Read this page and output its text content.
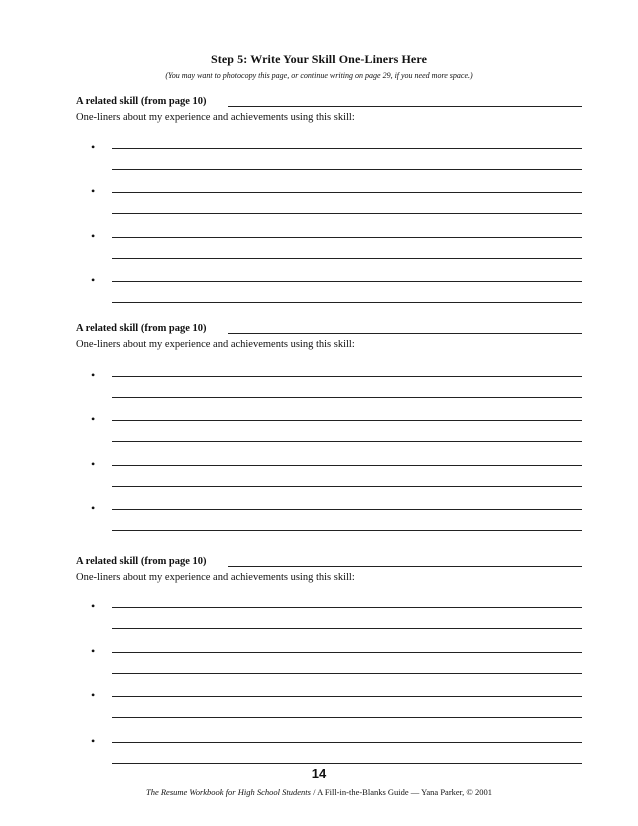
Step 5: Write Your Skill One-Liners Here
(You may want to photocopy this page, or continue writing on page 29, if you need more space.)
A related skill (from page 10)
One-liners about my experience and achievements using this skill:
•
•
•
•
A related skill (from page 10)
One-liners about my experience and achievements using this skill:
•
•
•
•
A related skill (from page 10)
One-liners about my experience and achievements using this skill:
•
•
•
•
14
The Resume Workbook for High School Students / A Fill-in-the-Blanks Guide — Yana Parker, © 2001
